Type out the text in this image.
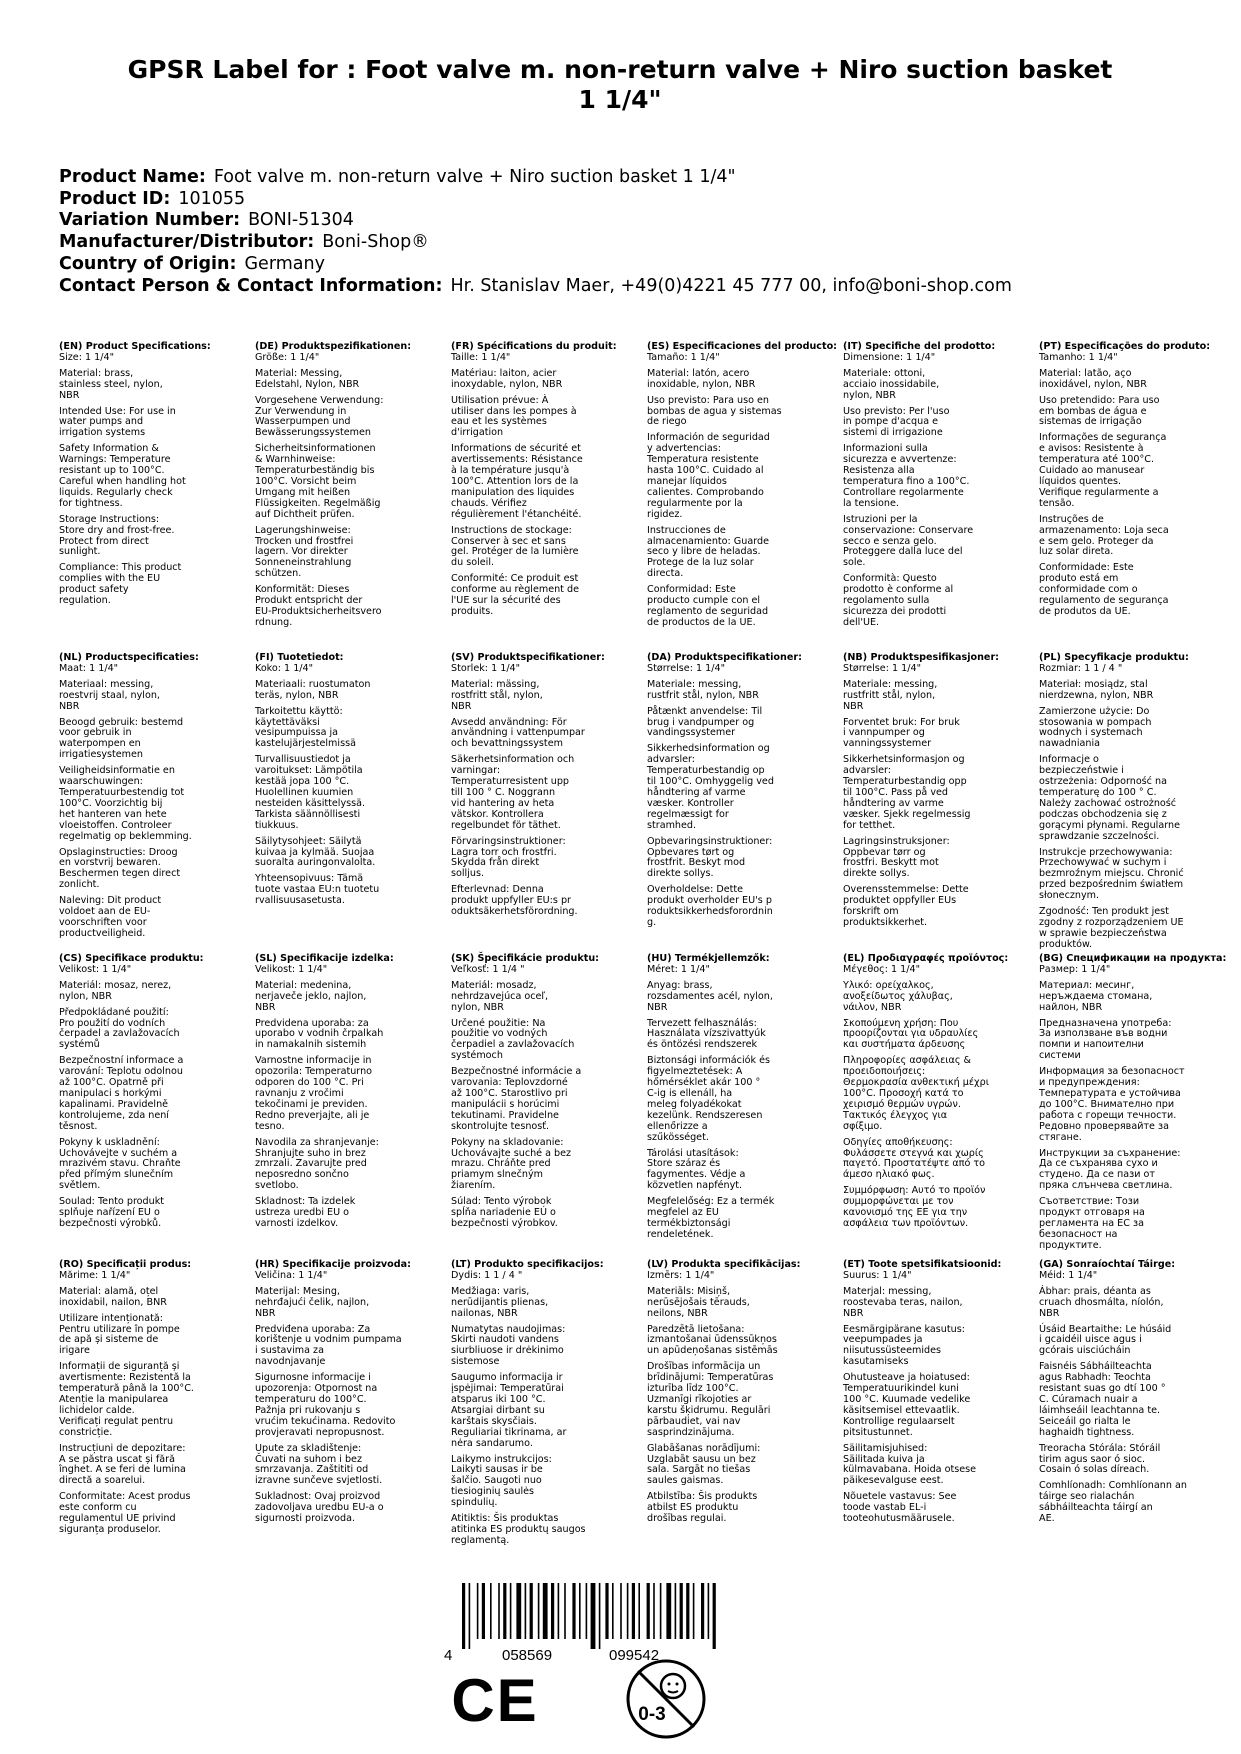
GPSR Label for : Foot valve m. non-return valve + Niro suction basket 1 1/4"
Product Name : Foot valve m. non-return valve + Niro suction basket 1 1/4"
Product ID : 101055
Variation Number : BONI-51304
Manufacturer/Distributor : Boni-Shop®
Country of Origin : Germany
Contact Person & Contact Information : Hr. Stanislav Maer, +49(0)4221 45 777 00, info@boni-shop.com
(EN) Product Specifications:
Size: 1 1/4"
Material: brass,
stainless steel, nylon,
NBR
Intended Use: For use in
water pumps and
irrigation systems
Safety Information &
Warnings: Temperature
resistant up to 100°C.
Careful when handling hot
liquids. Regularly check
for tightness.
Storage Instructions:
Store dry and frost-free.
Protect from direct
sunlight.
Compliance: This product
complies with the EU
product safety
regulation.
(DE) Produktspezifikationen:
Größe: 1 1/4"
Material: Messing,
Edelstahl, Nylon, NBR
Vorgesehene Verwendung:
Zur Verwendung in
Wasserpumpen und
Bewässerungssystemen
Sicherheitsinformationen
& Warnhinweise:
Temperaturbeständig bis
100°C. Vorsicht beim
Umgang mit heißen
Flüssigkeiten. Regelmäßig
auf Dichtheit prüfen.
Lagerungshinweise:
Trocken und frostfrei
lagern. Vor direkter
Sonneneinstrahlung
schützen.
Konformität: Dieses
Produkt entspricht der
EU-Produktsicherheitsvero
rdnung.
(FR) Spécifications du produit:
Taille: 1 1/4"
Matériau: laiton, acier
inoxydable, nylon, NBR
Utilisation prévue: À
utiliser dans les pompes à
eau et les systèmes
d'irrigation
Informations de sécurité et
avertissements: Résistance
à la température jusqu'à
100°C. Attention lors de la
manipulation des liquides
chauds. Vérifiez
régulièrement l'étanchéité.
Instructions de stockage:
Conserver à sec et sans
gel. Protéger de la lumière
du soleil.
Conformité: Ce produit est
conforme au règlement de
l'UE sur la sécurité des
produits.
(ES) Especificaciones del producto:
Tamaño: 1 1/4"
Material: latón, acero
inoxidable, nylon, NBR
Uso previsto: Para uso en
bombas de agua y sistemas
de riego
Información de seguridad
y advertencias:
Temperatura resistente
hasta 100°C. Cuidado al
manejar líquidos
calientes. Comprobando
regularmente por la
rigidez.
Instrucciones de
almacenamiento: Guarde
seco y libre de heladas.
Protege de la luz solar
directa.
Conformidad: Este
producto cumple con el
reglamento de seguridad
de productos de la UE.
(IT) Specifiche del prodotto:
Dimensione: 1 1/4"
Materiale: ottoni,
acciaio inossidabile,
nylon, NBR
Uso previsto: Per l'uso
in pompe d'acqua e
sistemi di irrigazione
Informazioni sulla
sicurezza e avvertenze:
Resistenza alla
temperatura fino a 100°C.
Controllare regolarmente
la tensione.
Istruzioni per la
conservazione: Conservare
secco e senza gelo.
Proteggere dalla luce del
sole.
Conformità: Questo
prodotto è conforme al
regolamento sulla
sicurezza dei prodotti
dell'UE.
(PT) Especificações do produto:
Tamanho: 1 1/4"
Material: latão, aço
inoxidável, nylon, NBR
Uso pretendido: Para uso
em bombas de água e
sistemas de irrigação
Informações de segurança
e avisos: Resistente à
temperatura até 100°C.
Cuidado ao manusear
líquidos quentes.
Verifique regularmente a
tensão.
Instruções de
armazenamento: Loja seca
e sem gelo. Proteger da
luz solar direta.
Conformidade: Este
produto está em
conformidade com o
regulamento de segurança
de produtos da UE.
(NL) Productspecificaties:
Maat: 1 1/4"
Materiaal: messing,
roestvrij staal, nylon,
NBR
Beoogd gebruik: bestemd
voor gebruik in
waterpompen en
irrigatiesystemen
Veiligheidsinformatie en
waarschuwingen:
Temperatuurbestendig tot
100°C. Voorzichtig bij
het hanteren van hete
vloeistoffen. Controleer
regelmatig op beklemming.
Opslaginstructies: Droog
en vorstvrij bewaren.
Beschermen tegen direct
zonlicht.
Naleving: Dit product
voldoet aan de EU-
voorschriften voor
productveiligheid.
(FI) Tuotetiedot:
Koko: 1 1/4"
Materiaali: ruostumaton
teräs, nylon, NBR
Tarkoitettu käyttö:
käytettäväksi
vesipumpuissa ja
kastelujärjestelmissä
Turvallisuustiedot ja
varoitukset: Lämpötila
kestää jopa 100 °C.
Huolellinen kuumien
nesteiden käsittelyssä.
Tarkista säännöllisesti
tiukkuus.
Säilytysohjeet: Säilytä
kuivaa ja kylmää. Suojaa
suoralta auringonvalolta.
Yhteensopivuus: Tämä
tuote vastaa EU:n tuotetu
rvallisuusasetusta.
(SV) Produktspecifikationer:
Storlek: 1 1/4"
Material: mässing,
rostfritt stål, nylon,
NBR
Avsedd användning: För
användning i vattenpumpar
och bevattningssystem
Säkerhetsinformation och
varningar:
Temperaturresistent upp
till 100 ° C. Noggrann
vid hantering av heta
vätskor. Kontrollera
regelbundet för täthet.
Förvaringsinstruktioner:
Lagra torr och frostfri.
Skydda från direkt
solljus.
Efterlevnad: Denna
produkt uppfyller EU:s pr
oduktsäkerhetsförordning.
(DA) Produktspecifikationer:
Størrelse: 1 1/4"
Materiale: messing,
rustfrit stål, nylon, NBR
Påtænkt anvendelse: Til
brug i vandpumper og
vandingssystemer
Sikkerhedsinformation og
advarsler:
Temperaturbestandig op
til 100°C. Omhyggelig ved
håndtering af varme
væsker. Kontroller
regelmæssigt for
stramhed.
Opbevaringsinstruktioner:
Opbevares tørt og
frostfrit. Beskyt mod
direkte sollys.
Overholdelse: Dette
produkt overholder EU's p
roduktsikkerhedsforordnin
g.
(NB) Produktspesifikasjoner:
Størrelse: 1 1/4"
Materiale: messing,
rustfritt stål, nylon,
NBR
Forventet bruk: For bruk
i vannpumper og
vanningssystemer
Sikkerhetsinformasjon og
advarsler:
Temperaturbestandig opp
til 100°C. Pass på ved
håndtering av varme
væsker. Sjekk regelmessig
for tetthet.
Lagringsinstruksjoner:
Oppbevar tørr og
frostfri. Beskytt mot
direkte sollys.
Overensstemmelse: Dette
produktet oppfyller EUs
forskrift om
produktsikkerhet.
(PL) Specyfikacje produktu:
Rozmiar: 1 1 / 4 "
Materiał: mosiądz, stal
nierdzewna, nylon, NBR
Zamierzone użycie: Do
stosowania w pompach
wodnych i systemach
nawadniania
Informacje o
bezpieczeństwie i
ostrzeżenia: Odporność na
temperaturę do 100 ° C.
Należy zachować ostrożność
podczas obchodzenia się z
gorącymi płynami. Regularne
sprawdzanie szczelności.
Instrukcje przechowywania:
Przechowywać w suchym i
bezmroźnym miejscu. Chronić
przed bezpośrednim światłem
słonecznym.
Zgodność: Ten produkt jest
zgodny z rozporządzeniem UE
w sprawie bezpieczeństwa
produktów.
(CS) Specifikace produktu:
Velikost: 1 1/4"
Materiál: mosaz, nerez,
nylon, NBR
Předpokládané použití:
Pro použití do vodních
čerpadel a zavlažovacích
systémů
Bezpečnostní informace a
varování: Teplotu odolnou
až 100°C. Opatrně při
manipulaci s horkými
kapalinami. Pravidelně
kontrolujeme, zda není
těsnost.
Pokyny k uskladnění:
Uchovávejte v suchém a
mrazivém stavu. Chraňte
před přímým slunečním
světlem.
Soulad: Tento produkt
splňuje nařízení EU o
bezpečnosti výrobků.
(SL) Specifikacije izdelka:
Velikost: 1 1/4"
Material: medenina,
nerjaveče jeklo, najlon,
NBR
Predvidena uporaba: za
uporabo v vodnih črpalkah
in namakalnih sistemih
Varnostne informacije in
opozorila: Temperaturno
odporen do 100 °C. Pri
ravnanju z vročimi
tekočinami je previden.
Redno preverjajte, ali je
tesno.
Navodila za shranjevanje:
Shranjujte suho in brez
zmrzali. Zavarujte pred
neposredno sončno
svetlobo.
Skladnost: Ta izdelek
ustreza uredbi EU o
varnosti izdelkov.
(SK) Špecifikácie produktu:
Veľkosť: 1 1/4 "
Materiál: mosadz,
nehrdzavejúca oceľ,
nylon, NBR
Určené použitie: Na
použitie vo vodných
čerpadiel a zavlažovacích
systémoch
Bezpečnostné informácie a
varovania: Teplovzdorné
až 100°C. Starostlivo pri
manipulácii s horúcimi
tekutinami. Pravidelne
skontrolujte tesnosť.
Pokyny na skladovanie:
Uchovávajte suché a bez
mrazu. Chráňte pred
priamym slnečným
žiarením.
Súlad: Tento výrobok
spĺňa nariadenie EÚ o
bezpečnosti výrobkov.
(HU) Termékjellemzők:
Méret: 1 1/4"
Anyag: brass,
rozsdamentes acél, nylon,
NBR
Tervezett felhasználás:
Használata vízszivattyúk
és öntözési rendszerek
Biztonsági információk és
figyelmeztetések: A
hőmérséklet akár 100 °
C-ig is ellenáll, ha
meleg folyadékokat
kezelünk. Rendszeresen
ellenőrizze a
szűkösséget.
Tárolási utasítások:
Store száraz és
fagymentes. Védje a
közvetlen napfényt.
Megfelelőség: Ez a termék
megfelel az EU
termékbiztonsági
rendeletének.
(EL) Προδιαγραφές προϊόντος:
Μέγεθος: 1 1/4"
Υλικό: ορείχαλκος,
ανοξείδωτος χάλυβας,
νάιλον, NBR
Σκοπούμενη χρήση: Που
προορίζονται για υδραυλίες
και συστήματα άρδευσης
Πληροφορίες ασφάλειας &
προειδοποιήσεις:
Θερμοκρασία ανθεκτική μέχρι
100°C. Προσοχή κατά το
χειρισμό θερμών υγρών.
Τακτικός έλεγχος για
σφίξιμο.
Οδηγίες αποθήκευσης:
Φυλάσσετε στεγνά και χωρίς
παγετό. Προστατέψτε από το
άμεσο ηλιακό φως.
Συμμόρφωση: Αυτό το προϊόν
συμμορφώνεται με τον
κανονισμό της ΕΕ για την
ασφάλεια των προϊόντων.
(BG) Спецификации на продукта:
Размер: 1 1/4"
Материал: месинг,
неръждаема стомана,
найлон, NBR
Предназначена употреба:
За използване във водни
помпи и напоителни
системи
Информация за безопасност
и предупреждения:
Температурата е устойчива
до 100°C. Внимателно при
работа с горещи течности.
Редовно проверявайте за
стягане.
Инструкции за съхранение:
Да се съхранява сухо и
студено. Да се пази от
пряка слънчева светлина.
Съответствие: Този
продукт отговаря на
регламента на ЕС за
безопасност на
продуктите.
(RO) Specificații produs:
Mărime: 1 1/4"
Material: alamă, oțel
inoxidabil, nailon, BNR
Utilizare intenționată:
Pentru utilizare în pompe
de apă și sisteme de
irigare
Informații de siguranță și
avertismente: Rezistentă la
temperatură până la 100°C.
Atenție la manipularea
lichidelor calde.
Verificați regulat pentru
constricție.
Instrucțiuni de depozitare:
A se păstra uscat și fără
înghet. A se feri de lumina
directă a soarelui.
Conformitate: Acest produs
este conform cu
regulamentul UE privind
siguranța produselor.
(HR) Specifikacije proizvoda:
Veličina: 1 1/4"
Materijal: Mesing,
nehrđajući čelik, najlon,
NBR
Predviđena uporaba: Za
korištenje u vodnim pumpama
i sustavima za
navodnjavanje
Sigurnosne informacije i
upozorenja: Otpornost na
temperaturu do 100°C.
Pažnja pri rukovanju s
vrućim tekućinama. Redovito
provjeravati nepropusnost.
Upute za skladištenje:
Čuvati na suhom i bez
smrzavanja. Zaštititi od
izravne sunčeve svjetlosti.
Sukladnost: Ovaj proizvod
zadovoljava uredbu EU-a o
sigurnosti proizvoda.
(LT) Produkto specifikacijos:
Dydis: 1 1 / 4 "
Medžiaga: varis,
nerūdijantis plienas,
nailonas, NBR
Numatytas naudojimas:
Skirti naudoti vandens
siurbliuose ir drėkinimo
sistemose
Saugumo informacija ir
įspėjimai: Temperatūrai
atsparus iki 100 °C.
Atsargiai dirbant su
karštais skysčiais.
Reguliariai tikrinama, ar
nėra sandarumo.
Laikymo instrukcijos:
Laikyti sausas ir be
šalčio. Saugoti nuo
tiesioginių saulės
spindulių.
Atitiktis: Šis produktas
atitinka ES produktų saugos
reglamentą.
(LV) Produkta specifikācijas:
Izmērs: 1 1/4"
Materiāls: Misiņš,
nerūsējošais tērauds,
neilons, NBR
Paredzētā lietošana:
izmantošanai ūdenssūkņos
un apūdeņošanas sistēmās
Drošības informācija un
brīdinājumi: Temperatūras
izturība līdz 100°C.
Uzmanīgi rīkojoties ar
karstu šķidrumu. Regulāri
pārbaudiet, vai nav
sasprindzinājuma.
Glabāšanas norādījumi:
Uzglabāt sausu un bez
sala. Sargāt no tiešas
saules gaismas.
Atbilstība: Šis produkts
atbilst ES produktu
drošības regulai.
(ET) Toote spetsifikatsioonid:
Suurus: 1 1/4"
Materjal: messing,
roostevaba teras, nailon,
NBR
Eesmärgipärane kasutus:
veepumpades ja
niisutussüsteemides
kasutamiseks
Ohutusteave ja hoiatused:
Temperatuurikindel kuni
100 °C. Kuumade vedelike
käsitsemisel ettevaatlik.
Kontrollige regulaarselt
pitsitustunnet.
Säilitamisjuhised:
Säilitada kuiva ja
külmavabana. Hoida otsese
päikesevalguse eest.
Nõuetele vastavus: See
toode vastab EL-i
tooteohutusmäärusele.
(GA) Sonraíochtaí Táirge:
Méid: 1 1/4"
Ábhar: prais, déanta as
cruach dhosmálta, níolón,
NBR
Úsáid Beartaithe: Le húsáid
i gcaidéil uisce agus i
gcórais uisciúcháin
Faisnéis Sábháilteachta
agus Rabhadh: Teochta
resistant suas go dtí 100 °
C. Cúramach nuair a
láimhseáil leachtanna te.
Seiceáil go rialta le
haghaidh tightness.
Treoracha Stórála: Stóráil
tirim agus saor ó sioc.
Cosain ó solas díreach.
Comhlíonadh: Comhlíonann an
táirge seo rialachán
sábháilteachta táirgí an
AE.
4	058569	099542
CE	0-3
